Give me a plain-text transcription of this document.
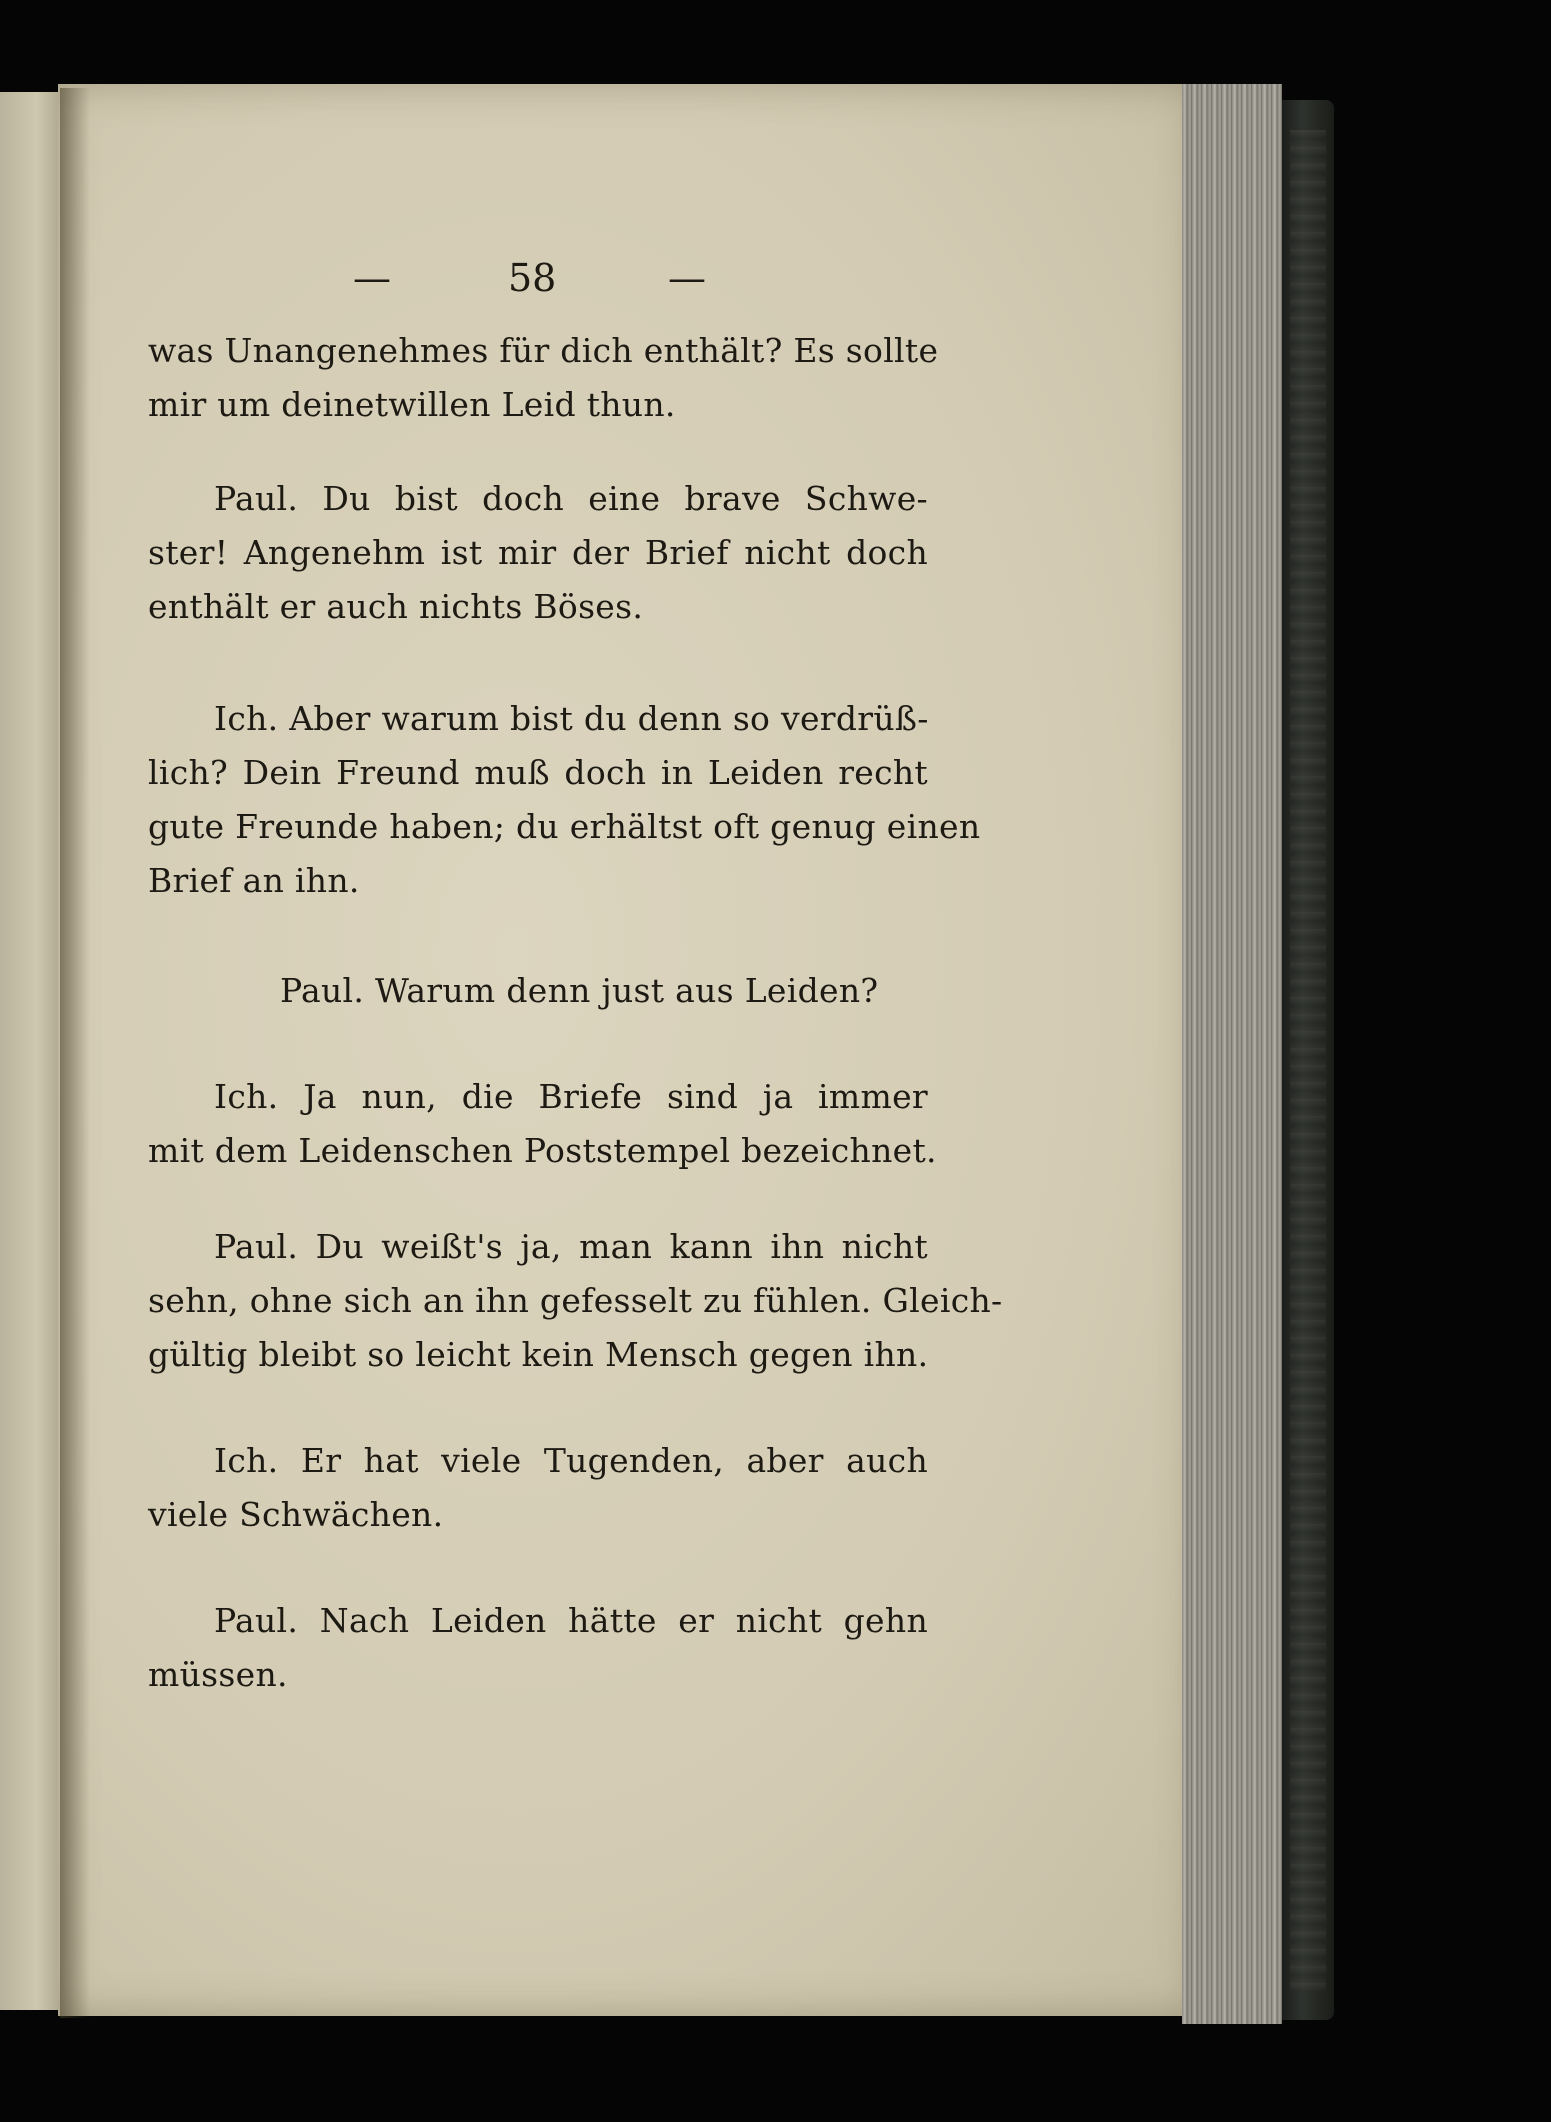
—	58	—
was Unangenehmes für dich enthält? Es sollte
mir um deinetwillen Leid thun.
Paul. Du bist doch eine brave Schwe-
ster! Angenehm ist mir der Brief nicht doch
enthält er auch nichts Böses.
Ich. Aber warum bist du denn so verdrüß-
lich? Dein Freund muß doch in Leiden recht
gute Freunde haben; du erhältst oft genug einen
Brief an ihn.
Paul. Warum denn just aus Leiden?
Ich. Ja nun, die Briefe sind ja immer
mit dem Leidenschen Poststempel bezeichnet.
Paul. Du weißt's ja, man kann ihn nicht
sehn, ohne sich an ihn gefesselt zu fühlen. Gleich-
gültig bleibt so leicht kein Mensch gegen ihn.
Ich. Er hat viele Tugenden, aber auch
viele Schwächen.
Paul. Nach Leiden hätte er nicht gehn
müssen.
